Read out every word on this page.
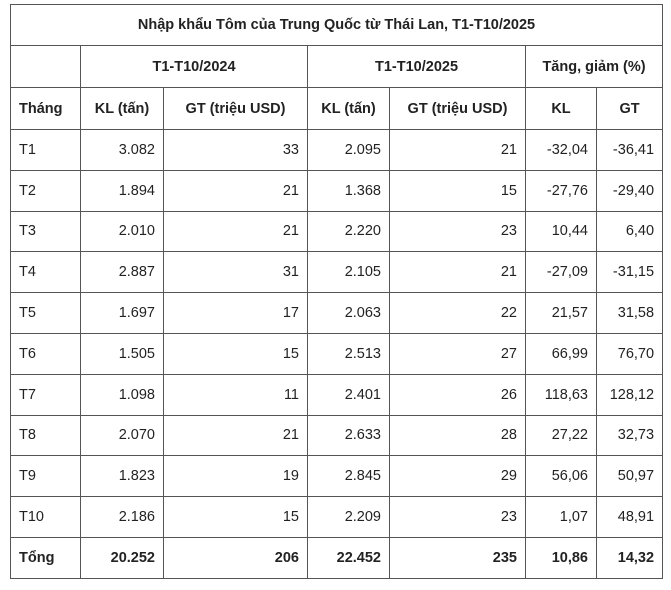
Nhập khẩu Tôm của Trung Quốc từ Thái Lan, T1-T10/2025						
	T1-T10/2024		T1-T10/2025		Tăng, giảm (%)	
Tháng	KL (tấn)	GT (triệu USD)	KL (tấn)	GT (triệu USD)	KL	GT
T1	3.082	33	2.095	21	-32,04	-36,41
T2	1.894	21	1.368	15	-27,76	-29,40
T3	2.010	21	2.220	23	10,44	6,40
T4	2.887	31	2.105	21	-27,09	-31,15
T5	1.697	17	2.063	22	21,57	31,58
T6	1.505	15	2.513	27	66,99	76,70
T7	1.098	11	2.401	26	118,63	128,12
T8	2.070	21	2.633	28	27,22	32,73
T9	1.823	19	2.845	29	56,06	50,97
T10	2.186	15	2.209	23	1,07	48,91
Tổng	20.252	206	22.452	235	10,86	14,32
